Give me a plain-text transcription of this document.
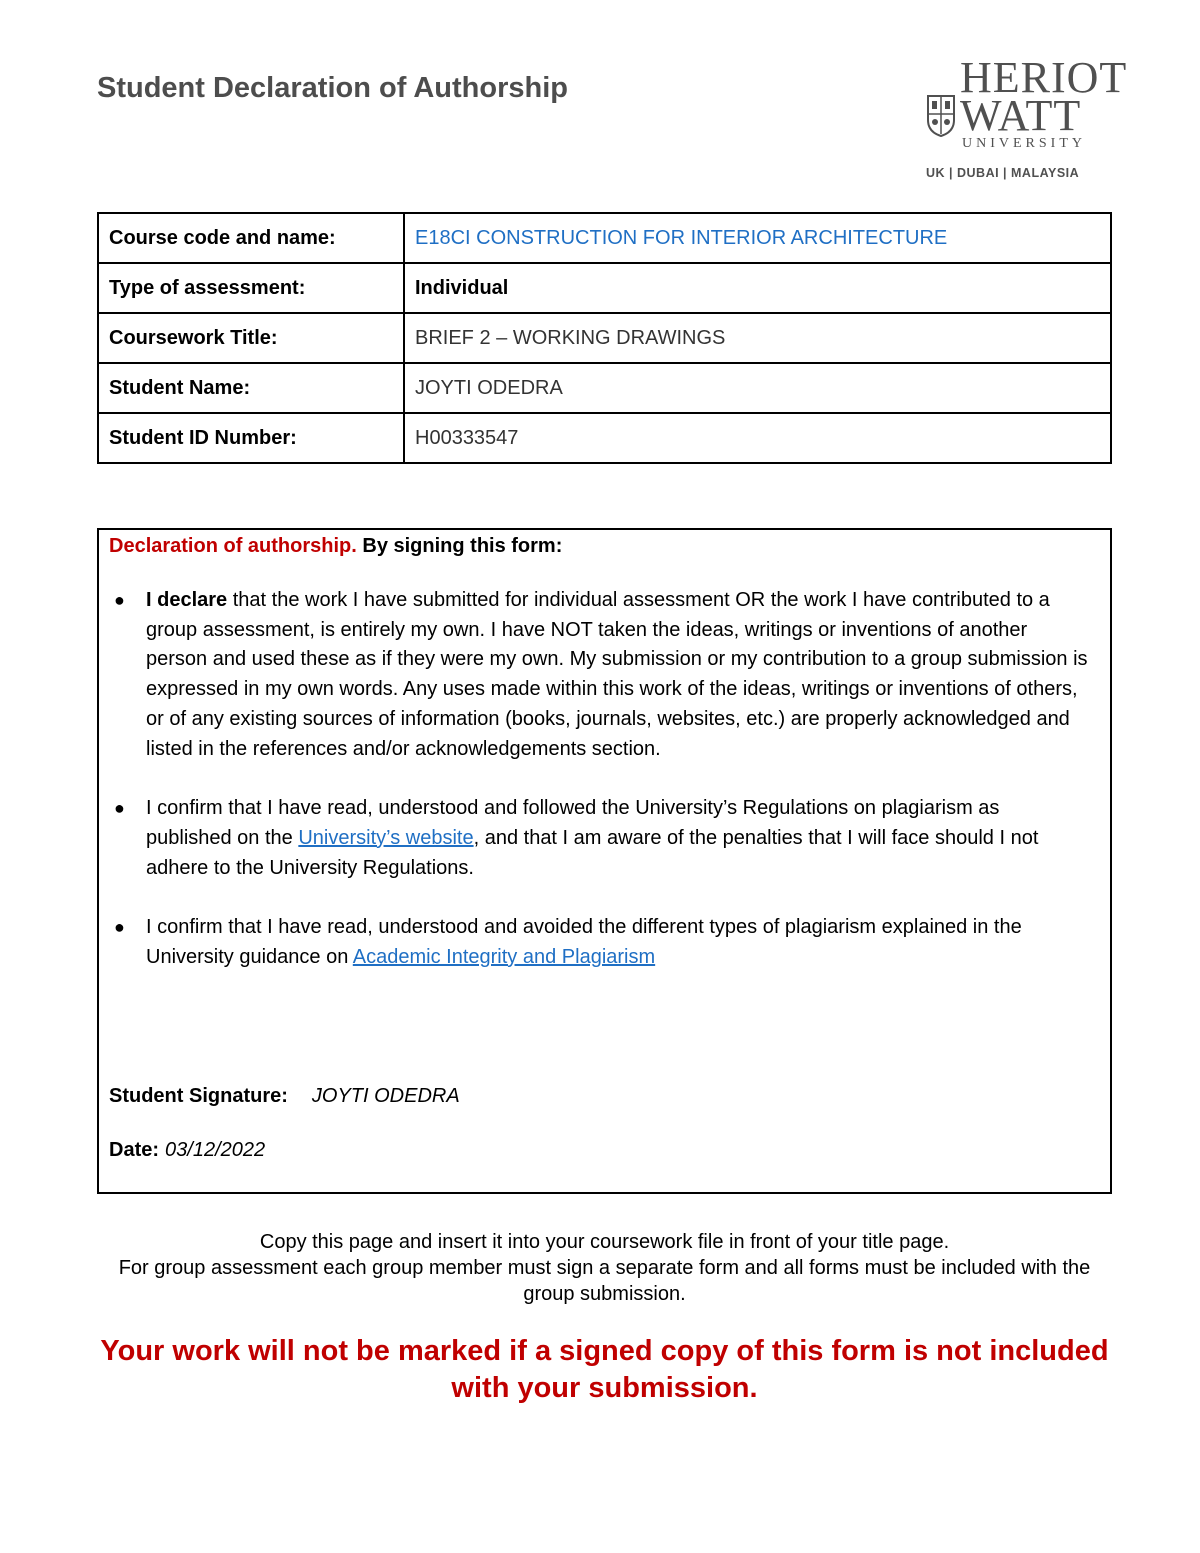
Student Declaration of Authorship	HERIOT
WATT
UNIVERSITY
UK | DUBAI | MALAYSIA
Course code and name:	E18CI CONSTRUCTION FOR INTERIOR ARCHITECTURE
Type of assessment:	Individual
Coursework Title:	BRIEF 2 – WORKING DRAWINGS
Student Name:	JOYTI ODEDRA
Student ID Number:	H00333547
Declaration of authorship. By signing this form:
● I declare that the work I have submitted for individual assessment OR the work I have contributed to a group assessment, is entirely my own. I have NOT taken the ideas, writings or inventions of another person and used these as if they were my own. My submission or my contribution to a group submission is expressed in my own words. Any uses made within this work of the ideas, writings or inventions of others, or of any existing sources of information (books, journals, websites, etc.) are properly acknowledged and listed in the references and/or acknowledgements section.
● I confirm that I have read, understood and followed the University’s Regulations on plagiarism as published on the University’s website, and that I am aware of the penalties that I will face should I not adhere to the University Regulations.
● I confirm that I have read, understood and avoided the different types of plagiarism explained in the University guidance on Academic Integrity and Plagiarism
Student Signature: JOYTI ODEDRA
Date: 03/12/2022
Copy this page and insert it into your coursework file in front of your title page.
For group assessment each group member must sign a separate form and all forms must be included with the group submission.
Your work will not be marked if a signed copy of this form is not included with your submission.
